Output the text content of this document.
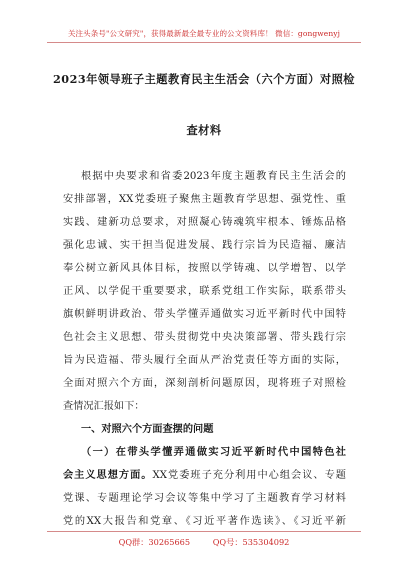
关注头条号"公文研究"，获得最新最全最专业的公文资料库！ 微信：gongwenyj
2023年领导班子主题教育民主生活会（六个方面）对照检
查材料
根据中央要求和省委2023年度主题教育民主生活会的
安排部署，XX党委班子聚焦主题教育学思想、强党性、重
实践、建新功总要求，对照凝心铸魂筑牢根本、锤炼品格
强化忠诚、实干担当促进发展、践行宗旨为民造福、廉洁
奉公树立新风具体目标，按照以学铸魂、以学增智、以学
正风、以学促干重要要求，联系党组工作实际，联系带头
旗帜鲜明讲政治、带头学懂弄通做实习近平新时代中国特
色社会主义思想、带头贯彻党中央决策部署、带头践行宗
旨为民造福、带头履行全面从严治党责任等方面的实际，
全面对照六个方面，深刻剖析问题原因，现将班子对照检
查情况汇报如下：
一、对照六个方面查摆的问题
（一）在带头学懂弄通做实习近平新时代中国特色社
会主义思想方面。XX党委班子充分利用中心组会议、专题
党课、专题理论学习会议等集中学习了主题教育学习材料
党的XX大报告和党章、《习近平著作选读》、《习近平新
QQ群：30265665	QQ号：535304092
